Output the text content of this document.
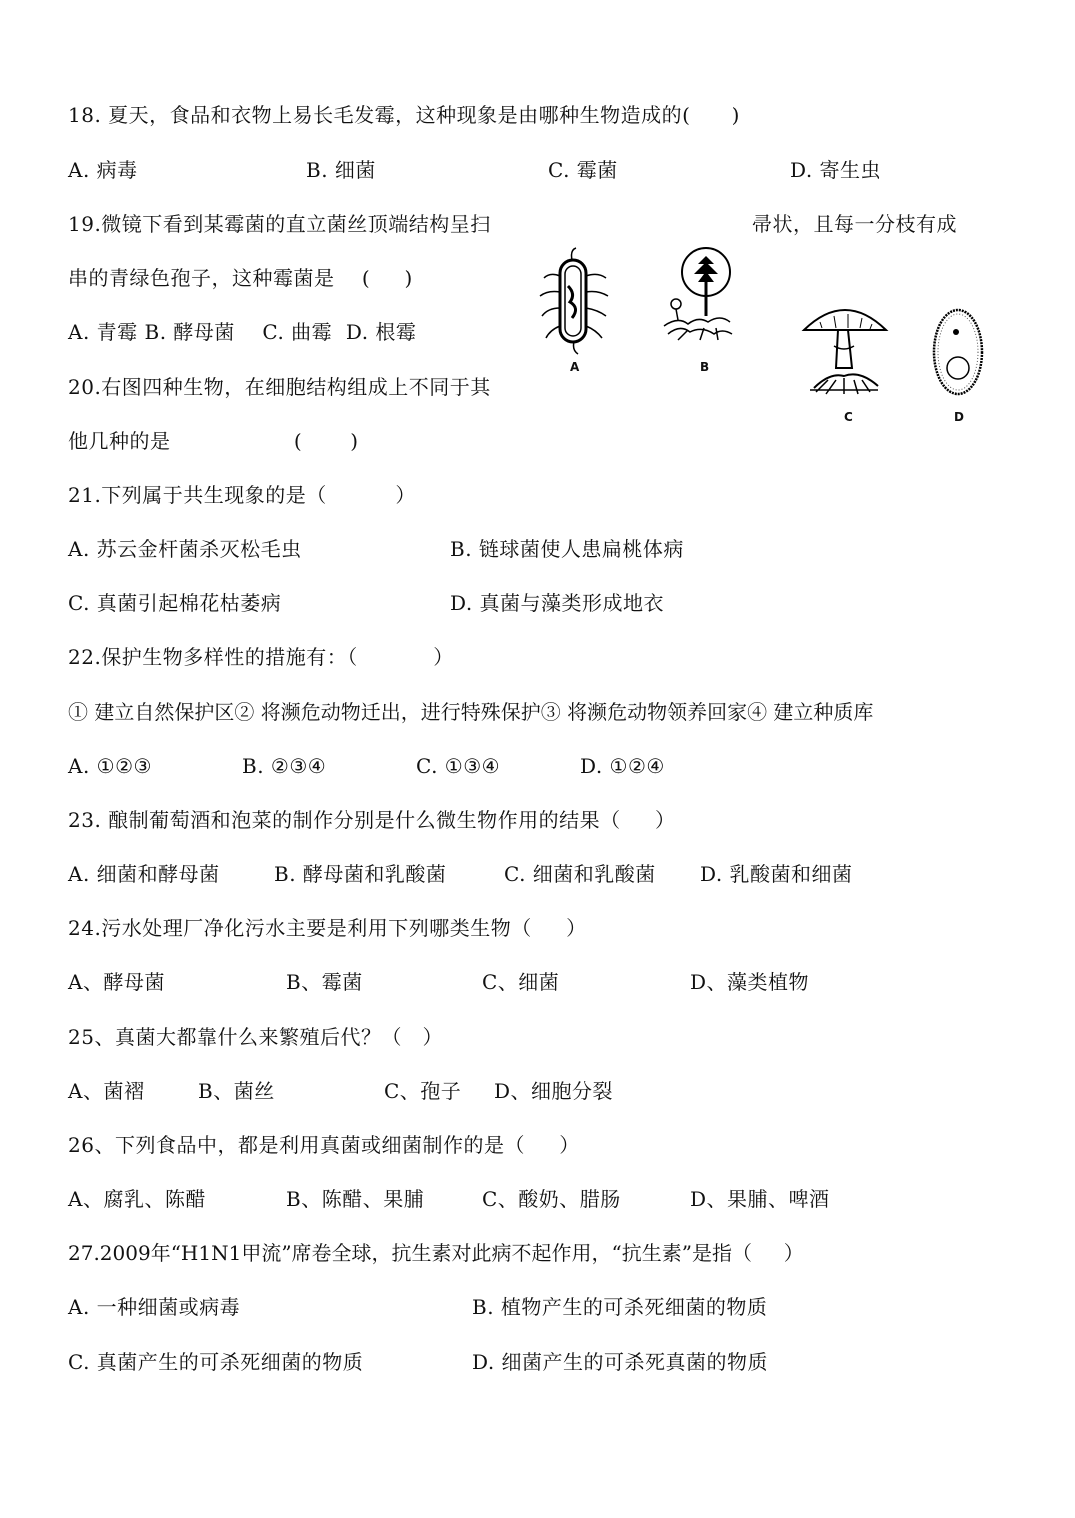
18. 夏天，食品和衣物上易长毛发霉，这种现象是由哪种生物造成的(      )
A. 病毒	B. 细菌	C. 霉菌	D. 寄生虫
19.微镜下看到某霉菌的直立菌丝顶端结构呈扫	帚状，且每一分枝有成
串的青绿色孢子，这种霉菌是    (     )
A. 青霉 B. 酵母菌    C. 曲霉  D. 根霉
20.右图四种生物，在细胞结构组成上不同于其
他几种的是                  (       )
A	B
C	D
21.下列属于共生现象的是（          ）
A. 苏云金杆菌杀灭松毛虫	B. 链球菌使人患扁桃体病
C. 真菌引起棉花枯萎病	D. 真菌与藻类形成地衣
22.保护生物多样性的措施有：（           ）
① 建立自然保护区② 将濒危动物迁出，进行特殊保护③ 将濒危动物领养回家④ 建立种质库
A. ①②③	B. ②③④	C. ①③④	D. ①②④
23. 酿制葡萄酒和泡菜的制作分别是什么微生物作用的结果（     ）
A. 细菌和酵母菌	B. 酵母菌和乳酸菌	C. 细菌和乳酸菌 D. 乳酸菌和细菌
24.污水处理厂净化污水主要是利用下列哪类生物（     ）
A、酵母菌	B、霉菌	C、细菌	D、藻类植物
25、真菌大都靠什么来繁殖后代？（   ）
A、菌褶	B、菌丝	C、孢子 D、细胞分裂
26、下列食品中，都是利用真菌或细菌制作的是（     ）
A、腐乳、陈醋	B、陈醋、果脯	C、酸奶、腊肠	D、果脯、啤酒
27.2009年“H1N1甲流”席卷全球，抗生素对此病不起作用，“抗生素”是指（     ）
A. 一种细菌或病毒	B. 植物产生的可杀死细菌的物质
C. 真菌产生的可杀死细菌的物质	D. 细菌产生的可杀死真菌的物质
